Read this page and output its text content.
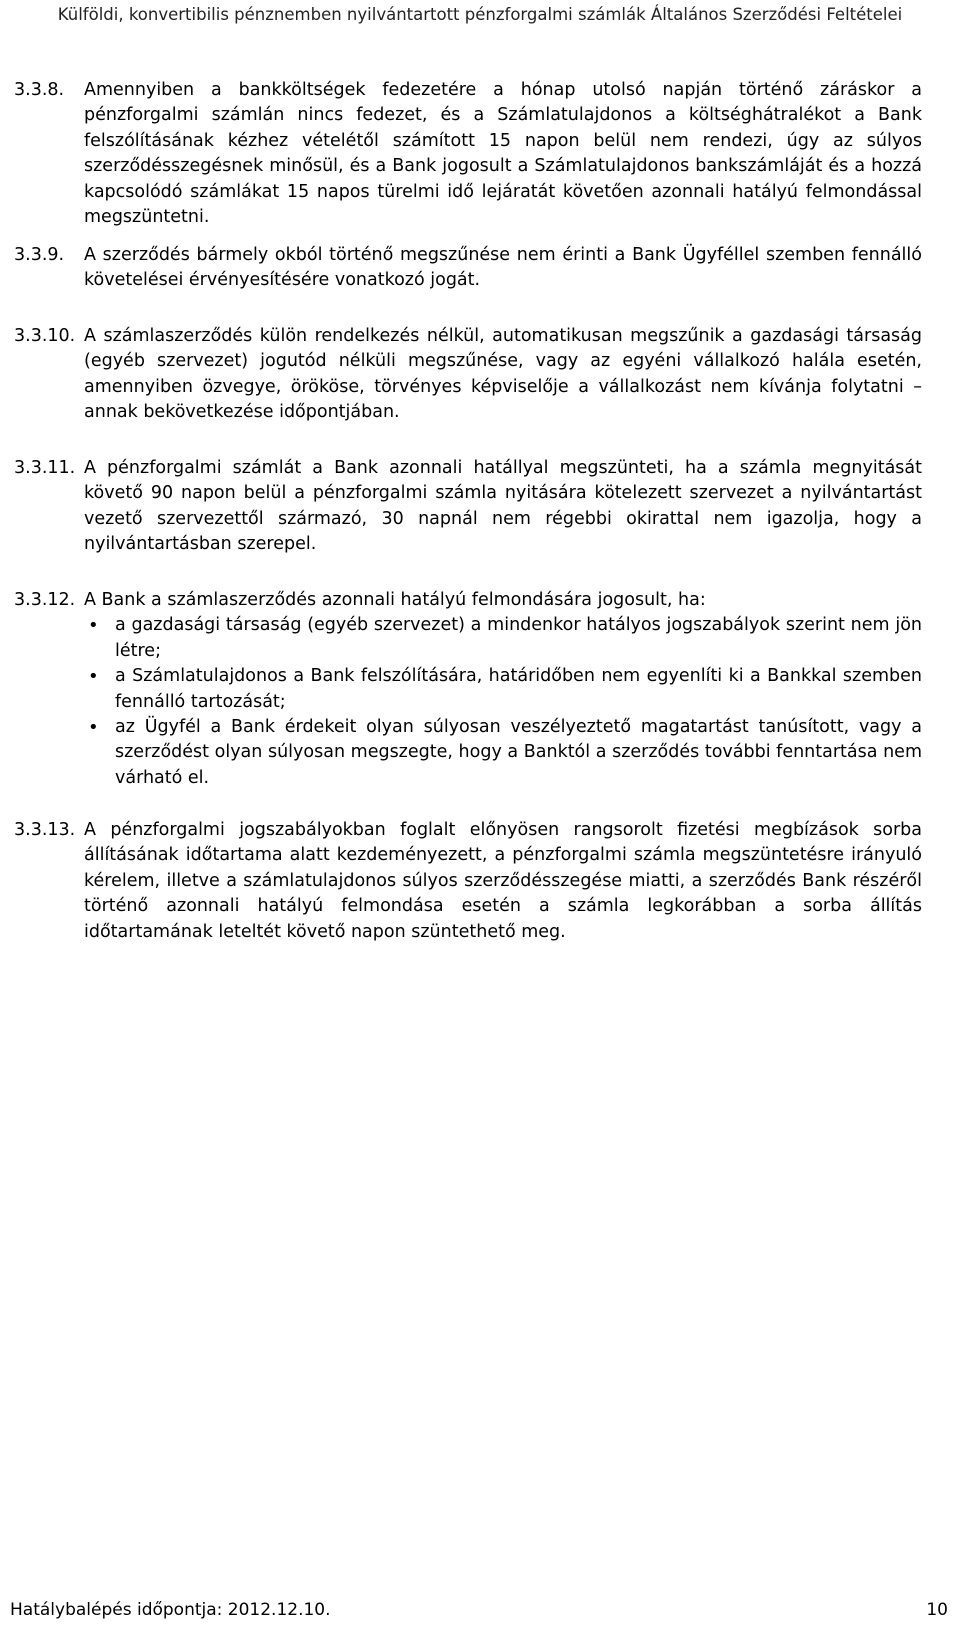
Külföldi, konvertibilis pénznemben nyilvántartott pénzforgalmi számlák Általános Szerződési Feltételei
3.3.8. Amennyiben a bankköltségek fedezetére a hónap utolsó napján történő záráskor a pénzforgalmi számlán nincs fedezet, és a Számlatulajdonos a költséghátralékot a Bank felszólításának kézhez vételétől számított 15 napon belül nem rendezi, úgy az súlyos szerződésszegésnek minősül, és a Bank jogosult a Számlatulajdonos bankszámláját és a hozzá kapcsolódó számlákat 15 napos türelmi idő lejáratát követően azonnali hatályú felmondással megszüntetni.
3.3.9. A szerződés bármely okból történő megszűnése nem érinti a Bank Ügyféllel szemben fennálló követelései érvényesítésére vonatkozó jogát.
3.3.10. A számlaszerződés külön rendelkezés nélkül, automatikusan megszűnik a gazdasági társaság (egyéb szervezet) jogutód nélküli megszűnése, vagy az egyéni vállalkozó halála esetén, amennyiben özvegye, örököse, törvényes képviselője a vállalkozást nem kívánja folytatni –annak bekövetkezése időpontjában.
3.3.11. A pénzforgalmi számlát a Bank azonnali hatállyal megszünteti, ha a számla megnyitását követő 90 napon belül a pénzforgalmi számla nyitására kötelezett szervezet a nyilvántartást vezető szervezettől származó, 30 napnál nem régebbi okirattal nem igazolja, hogy a nyilvántartásban szerepel.
3.3.12. A Bank a számlaszerződés azonnali hatályú felmondására jogosult, ha:
• a gazdasági társaság (egyéb szervezet) a mindenkor hatályos jogszabályok szerint nem jön létre;
• a Számlatulajdonos a Bank felszólítására, határidőben nem egyenlíti ki a Bankkal szemben fennálló tartozását;
• az Ügyfél a Bank érdekeit olyan súlyosan veszélyeztető magatartást tanúsított, vagy a szerződést olyan súlyosan megszegte, hogy a Banktól a szerződés további fenntartása nem várható el.
3.3.13. A pénzforgalmi jogszabályokban foglalt előnyösen rangsorolt fizetési megbízások sorba állításának időtartama alatt kezdeményezett, a pénzforgalmi számla megszüntetésre irányuló kérelem, illetve a számlatulajdonos súlyos szerződésszegése miatti, a szerződés Bank részéről történő azonnali hatályú felmondása esetén a számla legkorábban a sorba állítás időtartamának leteltét követő napon szüntethető meg.
Hatálybalépés időpontja: 2012.12.10.	10
